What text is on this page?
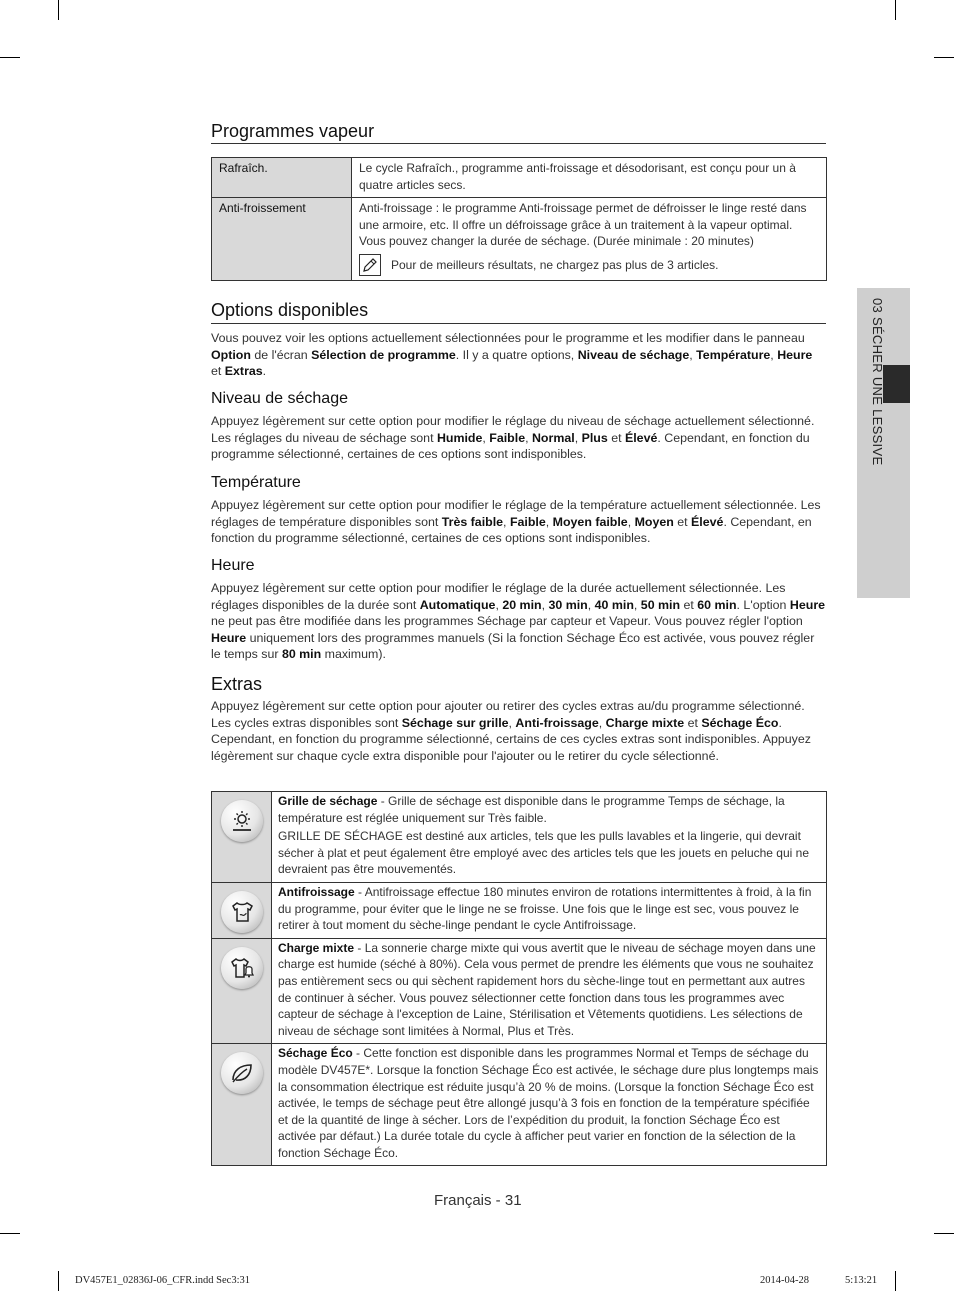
Programmes vapeur
Rafraîch.	Le cycle Rafraîch., programme anti-froissage et désodorisant, est conçu pour un à quatre articles secs.
Anti-froissement	Anti-froissage : le programme Anti-froissage permet de défroisser le linge resté dans une armoire, etc. Il offre un défroissage grâce à un traitement à la vapeur optimal. Vous pouvez changer la durée de séchage. (Durée minimale : 20 minutes)
Pour de meilleurs résultats, ne chargez pas plus de 3 articles.
Options disponibles
Vous pouvez voir les options actuellement sélectionnées pour le programme et les modifier dans le panneau Option de l'écran Sélection de programme. Il y a quatre options, Niveau de séchage, Température, Heure et Extras.
Niveau de séchage
Appuyez légèrement sur cette option pour modifier le réglage du niveau de séchage actuellement sélectionné. Les réglages du niveau de séchage sont Humide, Faible, Normal, Plus et Élevé. Cependant, en fonction du programme sélectionné, certaines de ces options sont indisponibles.
Température
Appuyez légèrement sur cette option pour modifier le réglage de la température actuellement sélectionnée. Les réglages de température disponibles sont Très faible, Faible, Moyen faible, Moyen et Élevé. Cependant, en fonction du programme sélectionné, certaines de ces options sont indisponibles.
Heure
Appuyez légèrement sur cette option pour modifier le réglage de la durée actuellement sélectionnée. Les réglages disponibles de la durée sont Automatique, 20 min, 30 min, 40 min, 50 min et 60 min. L'option Heure ne peut pas être modifiée dans les programmes Séchage par capteur et Vapeur. Vous pouvez régler l'option Heure uniquement lors des programmes manuels (Si la fonction Séchage Éco est activée, vous pouvez régler le temps sur 80 min maximum).
Extras
Appuyez légèrement sur cette option pour ajouter ou retirer des cycles extras au/du programme sélectionné. Les cycles extras disponibles sont Séchage sur grille, Anti-froissage, Charge mixte et Séchage Éco. Cependant, en fonction du programme sélectionné, certains de ces cycles extras sont indisponibles. Appuyez légèrement sur chaque cycle extra disponible pour l'ajouter ou le retirer du cycle sélectionné.

Grille de séchage - Grille de séchage est disponible dans le programme Temps de séchage, la température est réglée uniquement sur Très faible.

GRILLE DE SÉCHAGE est destiné aux articles, tels que les pulls lavables et la lingerie, qui devrait sécher à plat et peut également être employé avec des articles tels que les jouets en peluche qui ne devraient pas être mouvementés.

Antifroissage - Antifroissage effectue 180 minutes environ de rotations intermittentes à froid, à la fin du programme, pour éviter que le linge ne se froisse. Une fois que le linge est sec, vous pouvez le retirer à tout moment du sèche-linge pendant le cycle Antifroissage.

Charge mixte - La sonnerie charge mixte qui vous avertit que le niveau de séchage moyen dans une charge est humide (séché à 80%). Cela vous permet de prendre les éléments que vous ne souhaitez pas entièrement secs ou qui sèchent rapidement hors du sèche-linge tout en permettant aux autres de continuer à sécher. Vous pouvez sélectionner cette fonction dans tous les programmes avec capteur de séchage à l'exception de Laine, Stérilisation et Vêtements quotidiens. Les sélections de niveau de séchage sont limitées à Normal, Plus et Très.

Séchage Éco - Cette fonction est disponible dans les programmes Normal et Temps de séchage du modèle DV457E*. Lorsque la fonction Séchage Éco est activée, le séchage dure plus longtemps mais la consommation électrique est réduite jusqu’à 20 % de moins. (Lorsque la fonction Séchage Éco est activée, le temps de séchage peut être allongé jusqu’à 3 fois en fonction de la température spécifiée et de la quantité de linge à sécher. Lors de l’expédition du produit, la fonction Séchage Éco est activée par défaut.) La durée totale du cycle à afficher peut varier en fonction de la sélection de la fonction Séchage Éco.

03 SÉCHER UNE LESSIVE
Français - 31
DV457E1_02836J-06_CFR.indd Sec3:31	2014-04-28	5:13:21
